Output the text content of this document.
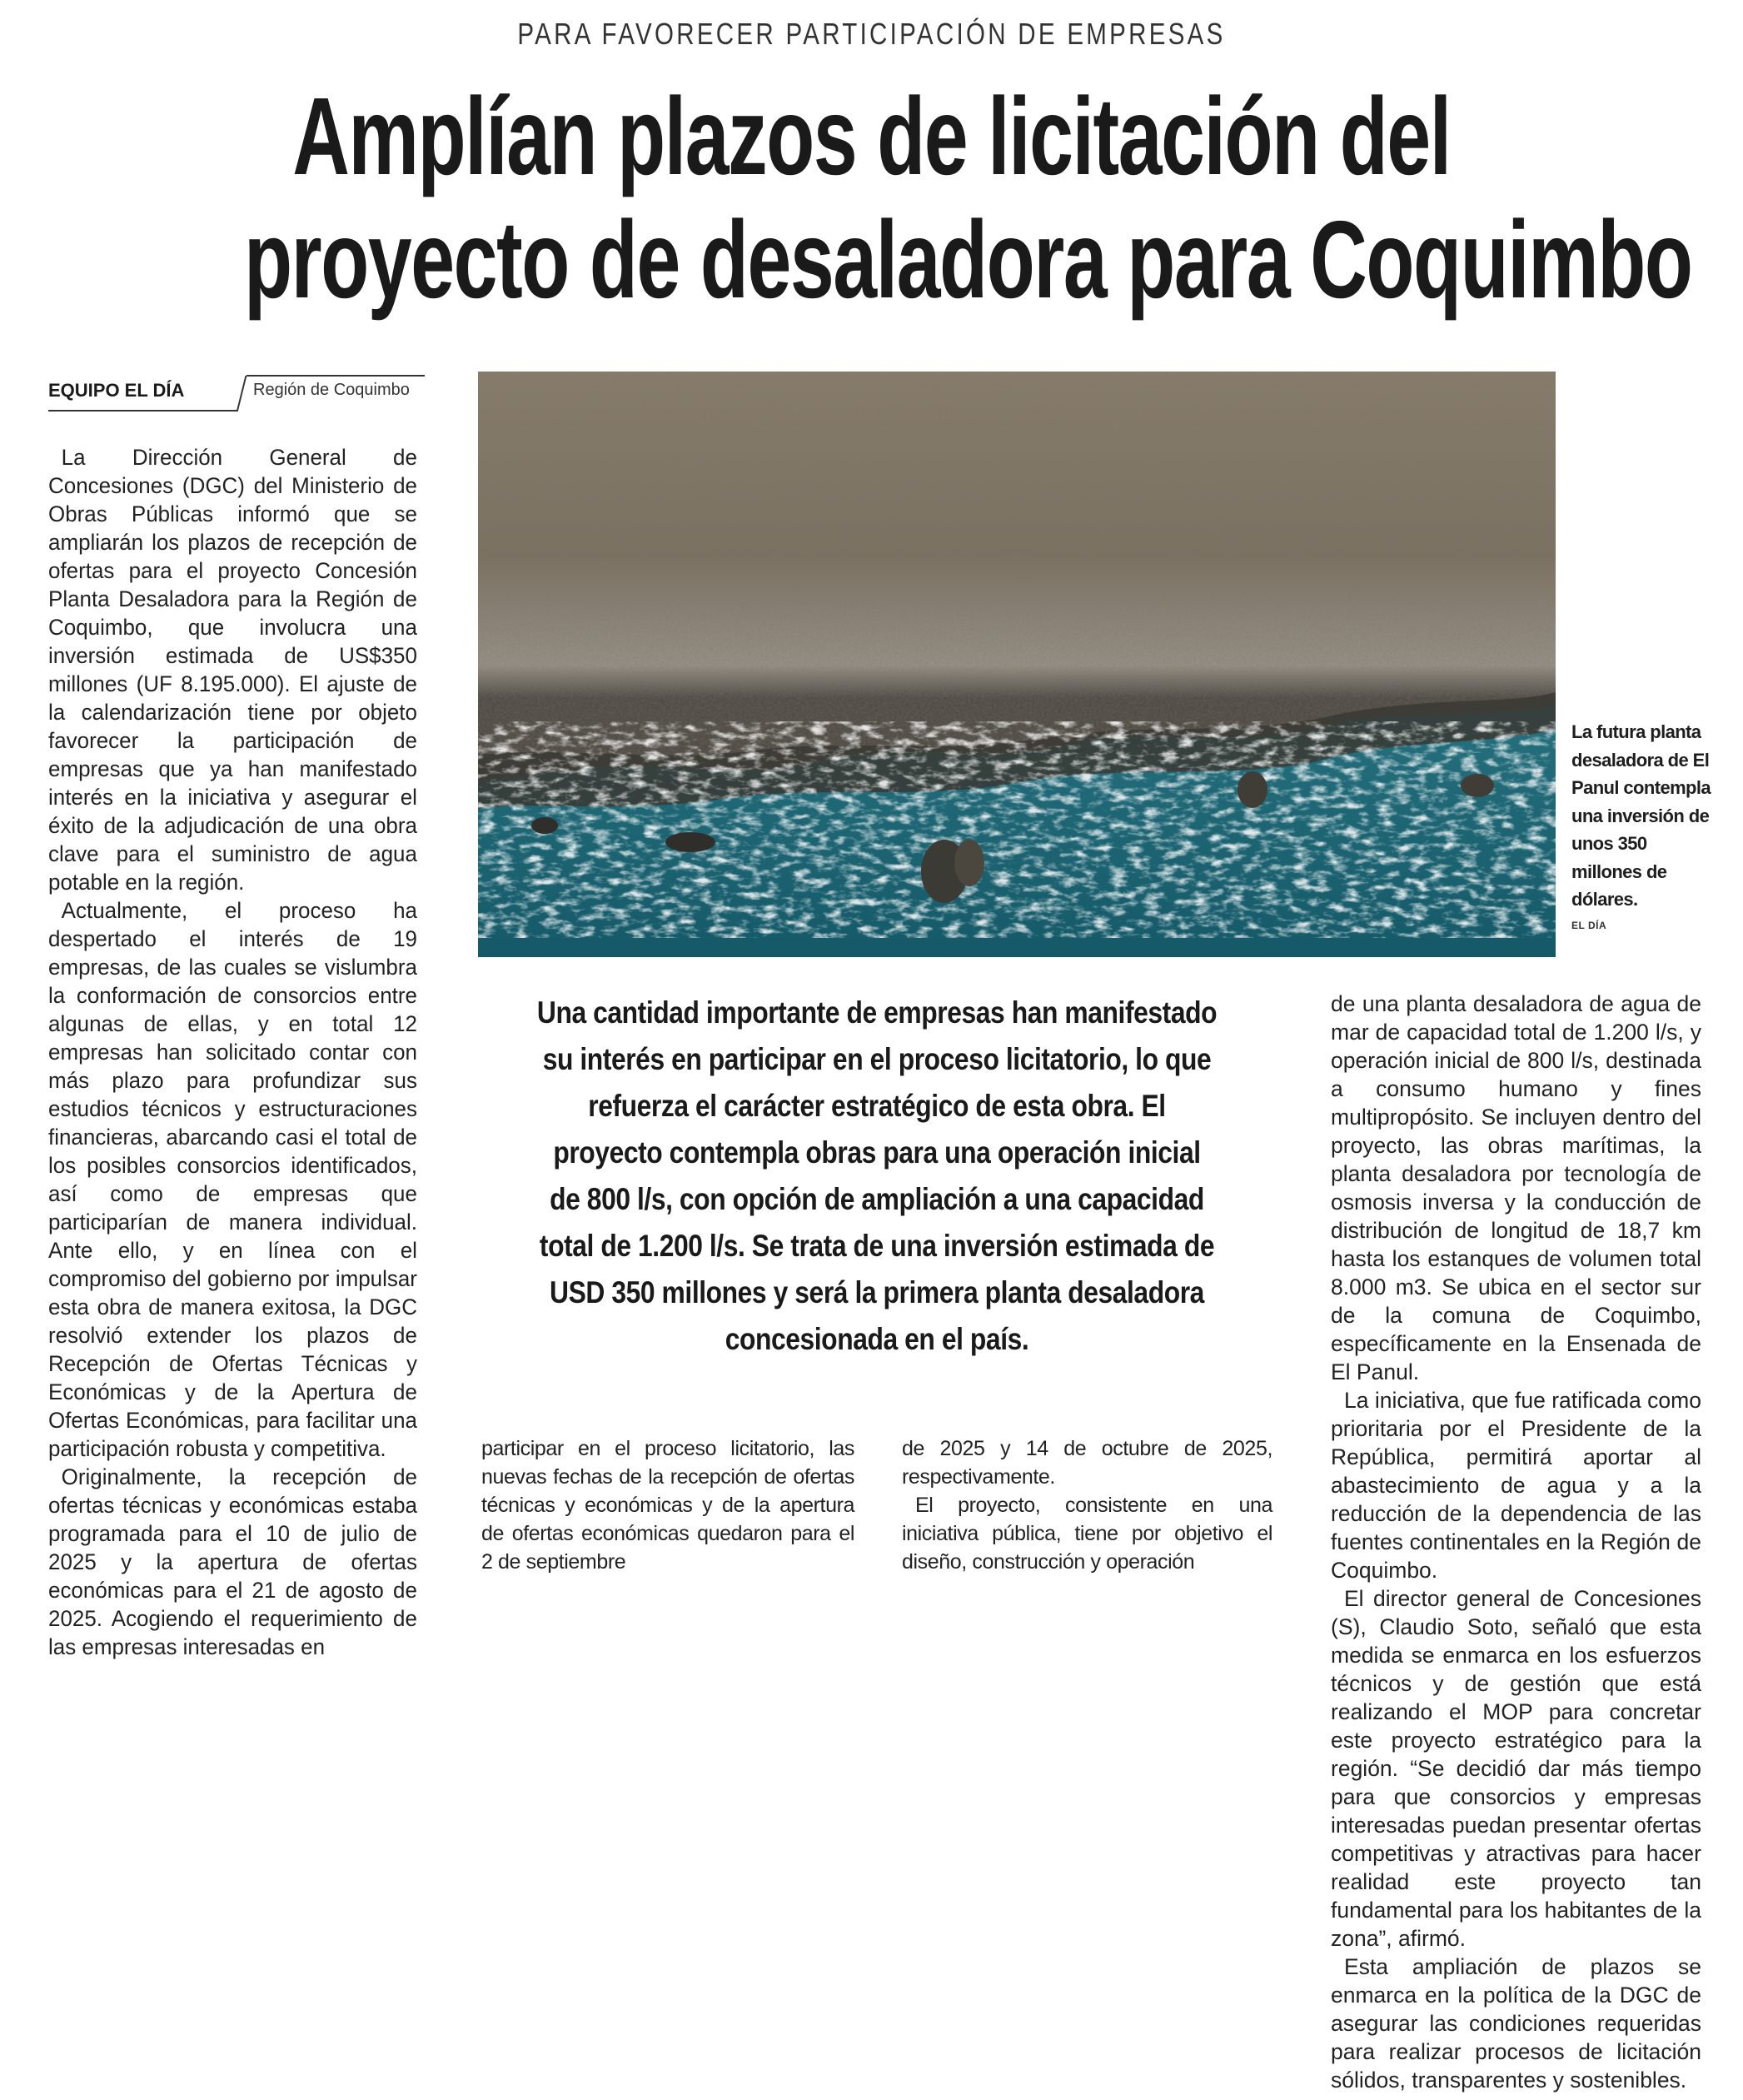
PARA FAVORECER PARTICIPACIÓN DE EMPRESAS
Amplían plazos de licitación del
proyecto de desaladora para Coquimbo
EQUIPO EL DÍA	Región de Coquimbo

La Dirección General de Concesiones (DGC) del Ministerio de Obras Públicas informó que se ampliarán los plazos de recepción de ofertas para el proyecto Concesión Planta Desaladora para la Región de Coquimbo, que involucra una inversión estimada de US$350 millones (UF 8.195.000). El ajuste de la calendarización tiene por objeto favorecer la participación de empresas que ya han manifestado interés en la iniciativa y asegurar el éxito de la adjudicación de una obra clave para el suministro de agua potable en la región.

Actualmente, el proceso ha despertado el interés de 19 empresas, de las cuales se vislumbra la conformación de consorcios entre algunas de ellas, y en total 12 empresas han solicitado contar con más plazo para profundizar sus estudios técnicos y estructuraciones financieras, abarcando casi el total de los posibles consorcios identificados, así como de empresas que participarían de manera individual. Ante ello, y en línea con el compromiso del gobierno por impulsar esta obra de manera exitosa, la DGC resolvió extender los plazos de Recepción de Ofertas Técnicas y Económicas y de la Apertura de Ofertas Económicas, para facilitar una participación robusta y competitiva.

Originalmente, la recepción de ofertas técnicas y económicas estaba programada para el 10 de julio de 2025 y la apertura de ofertas económicas para el 21 de agosto de 2025. Acogiendo el requerimiento de las empresas interesadas en

La futura planta desaladora de El Panul contempla una inversión de unos 350 millones de dólares.
EL DÍA
Una cantidad importante de empresas han manifestado su interés en participar en el proceso licitatorio, lo que refuerza el carácter estratégico de esta obra. El proyecto contempla obras para una operación inicial de 800 l/s, con opción de ampliación a una capacidad total de 1.200 l/s. Se trata de una inversión estimada de USD 350 millones y será la primera planta desaladora concesionada en el país.

participar en el proceso licitatorio, las nuevas fechas de la recepción de ofertas técnicas y económicas y de la apertura de ofertas económicas quedaron para el 2 de septiembre

de 2025 y 14 de octubre de 2025, respectivamente.

El proyecto, consistente en una iniciativa pública, tiene por objetivo el diseño, construcción y operación

de una planta desaladora de agua de mar de capacidad total de 1.200 l/s, y operación inicial de 800 l/s, destinada a consumo humano y fines multipropósito. Se incluyen dentro del proyecto, las obras marítimas, la planta desaladora por tecnología de osmosis inversa y la conducción de distribución de longitud de 18,7 km hasta los estanques de volumen total 8.000 m3. Se ubica en el sector sur de la comuna de Coquimbo, específicamente en la Ensenada de El Panul.

La iniciativa, que fue ratificada como prioritaria por el Presidente de la República, permitirá aportar al abastecimiento de agua y a la reducción de la dependencia de las fuentes continentales en la Región de Coquimbo.

El director general de Concesiones (S), Claudio Soto, señaló que esta medida se enmarca en los esfuerzos técnicos y de gestión que está realizando el MOP para concretar este proyecto estratégico para la región. “Se decidió dar más tiempo para que consorcios y empresas interesadas puedan presentar ofertas competitivas y atractivas para hacer realidad este proyecto tan fundamental para los habitantes de la zona”, afirmó.

Esta ampliación de plazos se enmarca en la política de la DGC de asegurar las condiciones requeridas para realizar procesos de licitación sólidos, transparentes y sostenibles.
